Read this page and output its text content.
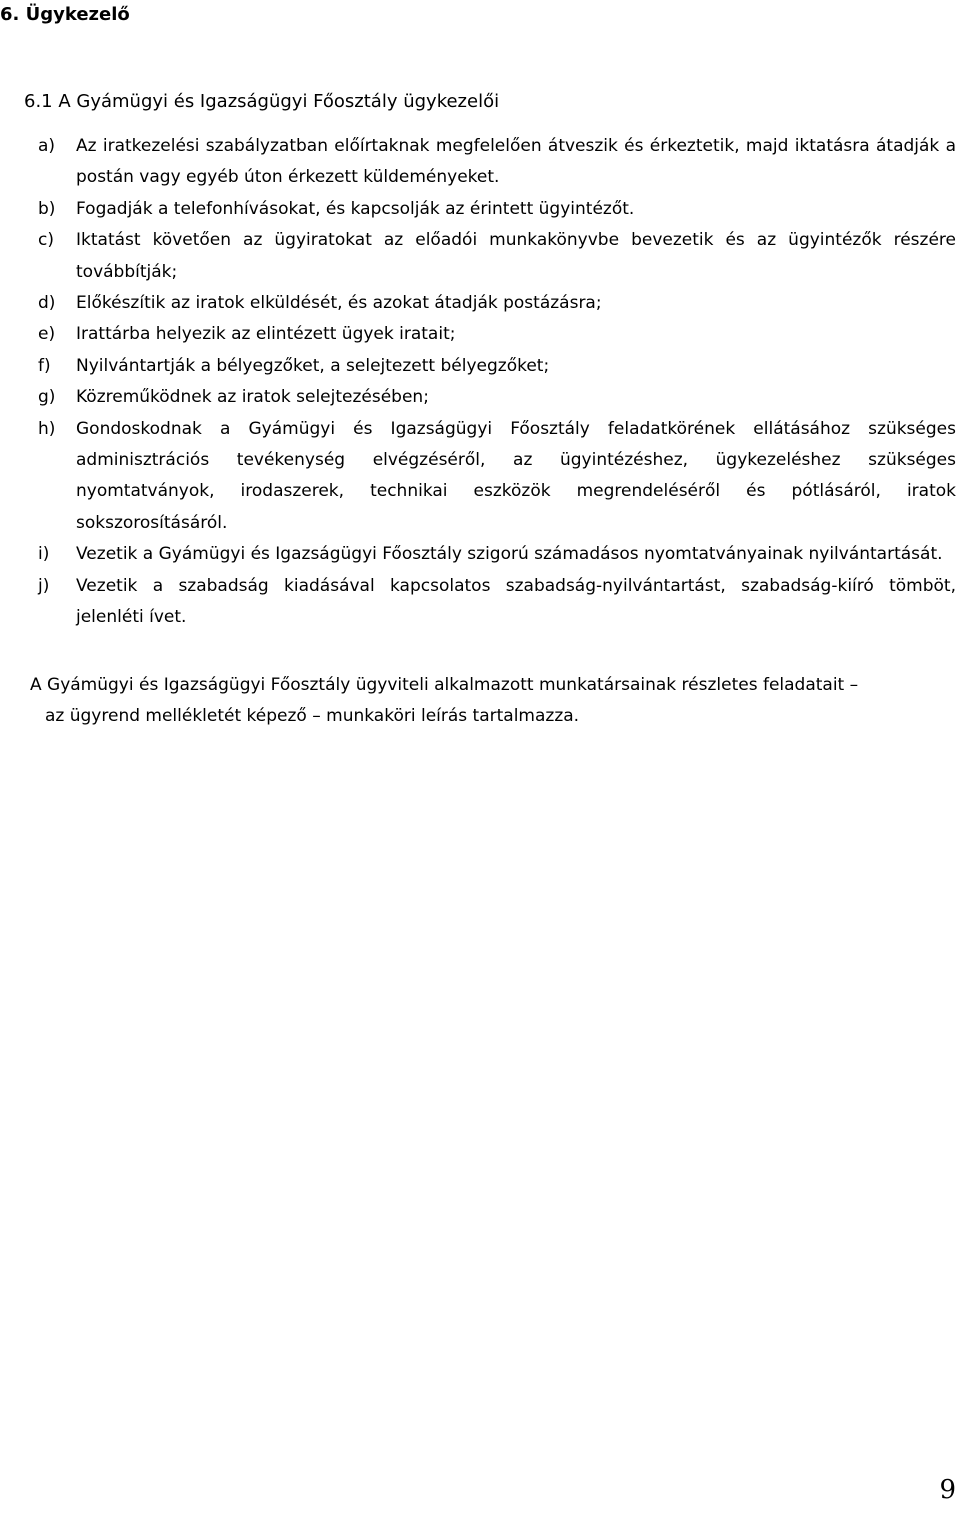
6. Ügykezelő
6.1 A Gyámügyi és Igazságügyi Főosztály ügykezelői
a) Az iratkezelési szabályzatban előírtaknak megfelelően átveszik és érkeztetik, majd iktatásra átadják a postán vagy egyéb úton érkezett küldeményeket.
b) Fogadják a telefonhívásokat, és kapcsolják az érintett ügyintézőt.
c) Iktatást követően az ügyiratokat az előadói munkakönyvbe bevezetik és az ügyintézők részére továbbítják;
d) Előkészítik az iratok elküldését, és azokat átadják postázásra;
e) Irattárba helyezik az elintézett ügyek iratait;
f) Nyilvántartják a bélyegzőket, a selejtezett bélyegzőket;
g) Közreműködnek az iratok selejtezésében;
h) Gondoskodnak a Gyámügyi és Igazságügyi Főosztály feladatkörének ellátásához szükséges adminisztrációs tevékenység elvégzéséről, az ügyintézéshez, ügykezeléshez szükséges nyomtatványok, irodaszerek, technikai eszközök megrendeléséről és pótlásáról, iratok sokszorosításáról.
i) Vezetik a Gyámügyi és Igazságügyi Főosztály szigorú számadásos nyomtatványainak nyilvántartását.
j) Vezetik a szabadság kiadásával kapcsolatos szabadság-nyilvántartást, szabadság-kiíró tömböt, jelenléti ívet.

A Gyámügyi és Igazságügyi Főosztály ügyviteli alkalmazott munkatársainak részletes feladatait –
az ügyrend mellékletét képező – munkaköri leírás tartalmazza.

9
